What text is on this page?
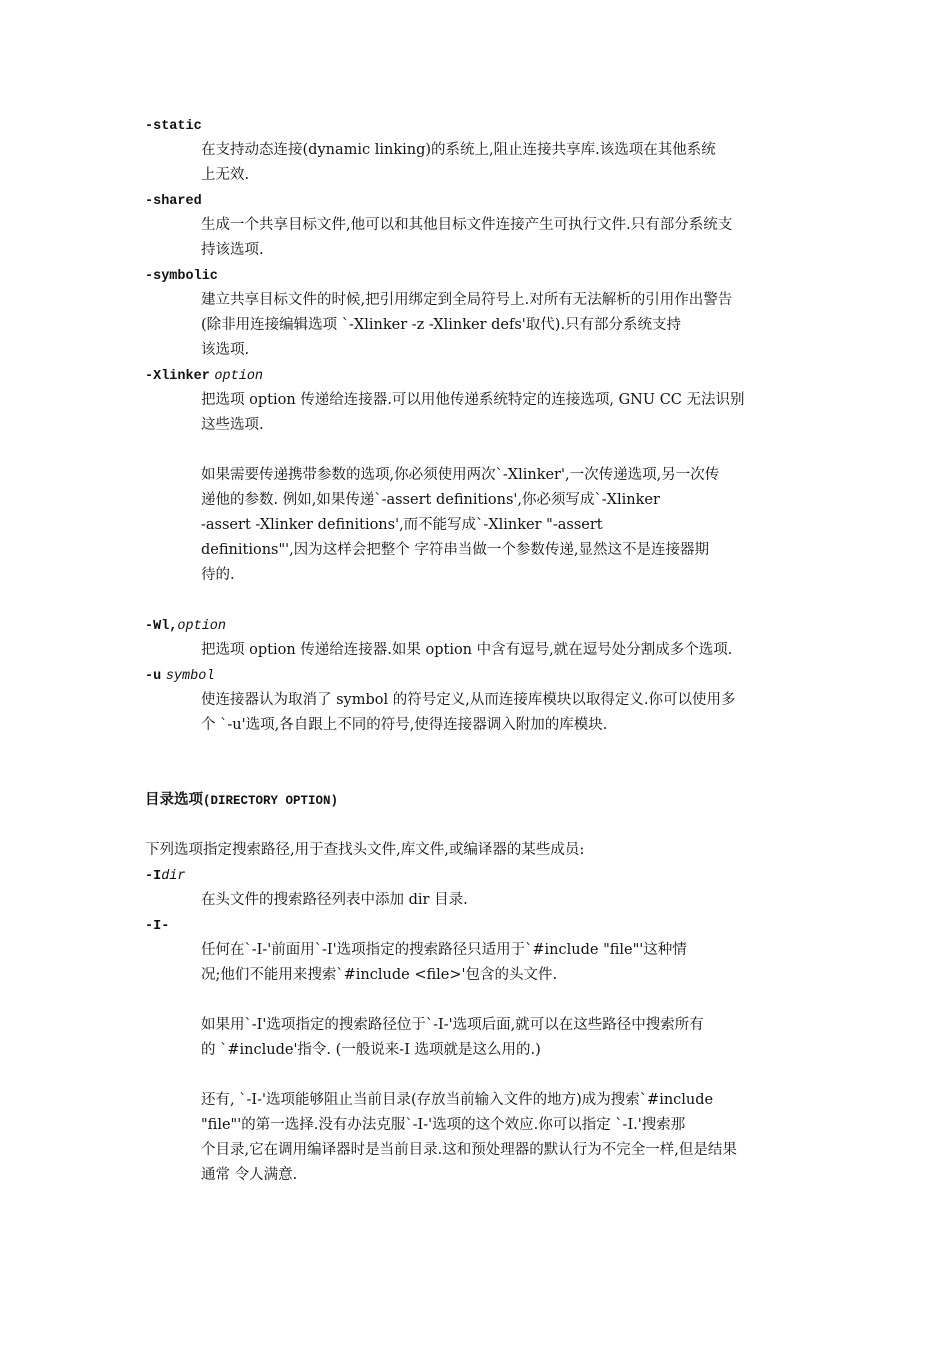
-static
在支持动态连接(dynamic linking)的系统上,阻止连接共享库.该选项在其他系统
上无效.
-shared
生成一个共享目标文件,他可以和其他目标文件连接产生可执行文件.只有部分系统支
持该选项.
-symbolic
建立共享目标文件的时候,把引用绑定到全局符号上.对所有无法解析的引用作出警告
(除非用连接编辑选项 `-Xlinker -z -Xlinker defs'取代).只有部分系统支持
该选项.
-Xlinker option
把选项 option 传递给连接器.可以用他传递系统特定的连接选项, GNU CC 无法识别
这些选项.
如果需要传递携带参数的选项,你必须使用两次`-Xlinker',一次传递选项,另一次传
递他的参数. 例如,如果传递`-assert definitions',你必须写成`-Xlinker
-assert -Xlinker definitions',而不能写成`-Xlinker "-assert
definitions"',因为这样会把整个 字符串当做一个参数传递,显然这不是连接器期
待的.
-Wl,option
把选项 option 传递给连接器.如果 option 中含有逗号,就在逗号处分割成多个选项.
-u symbol
使连接器认为取消了 symbol 的符号定义,从而连接库模块以取得定义.你可以使用多
个 `-u'选项,各自跟上不同的符号,使得连接器调入附加的库模块.
目录选项(DIRECTORY OPTION)
下列选项指定搜索路径,用于查找头文件,库文件,或编译器的某些成员:
-Idir
在头文件的搜索路径列表中添加 dir 目录.
-I-
任何在`-I-'前面用`-I'选项指定的搜索路径只适用于`#include "file"'这种情
况;他们不能用来搜索`#include <file>'包含的头文件.
如果用`-I'选项指定的搜索路径位于`-I-'选项后面,就可以在这些路径中搜索所有
的 `#include'指令. (一般说来-I 选项就是这么用的.)
还有, `-I-'选项能够阻止当前目录(存放当前输入文件的地方)成为搜索`#include
"file"'的第一选择.没有办法克服`-I-'选项的这个效应.你可以指定 `-I.'搜索那
个目录,它在调用编译器时是当前目录.这和预处理器的默认行为不完全一样,但是结果
通常 令人满意.
